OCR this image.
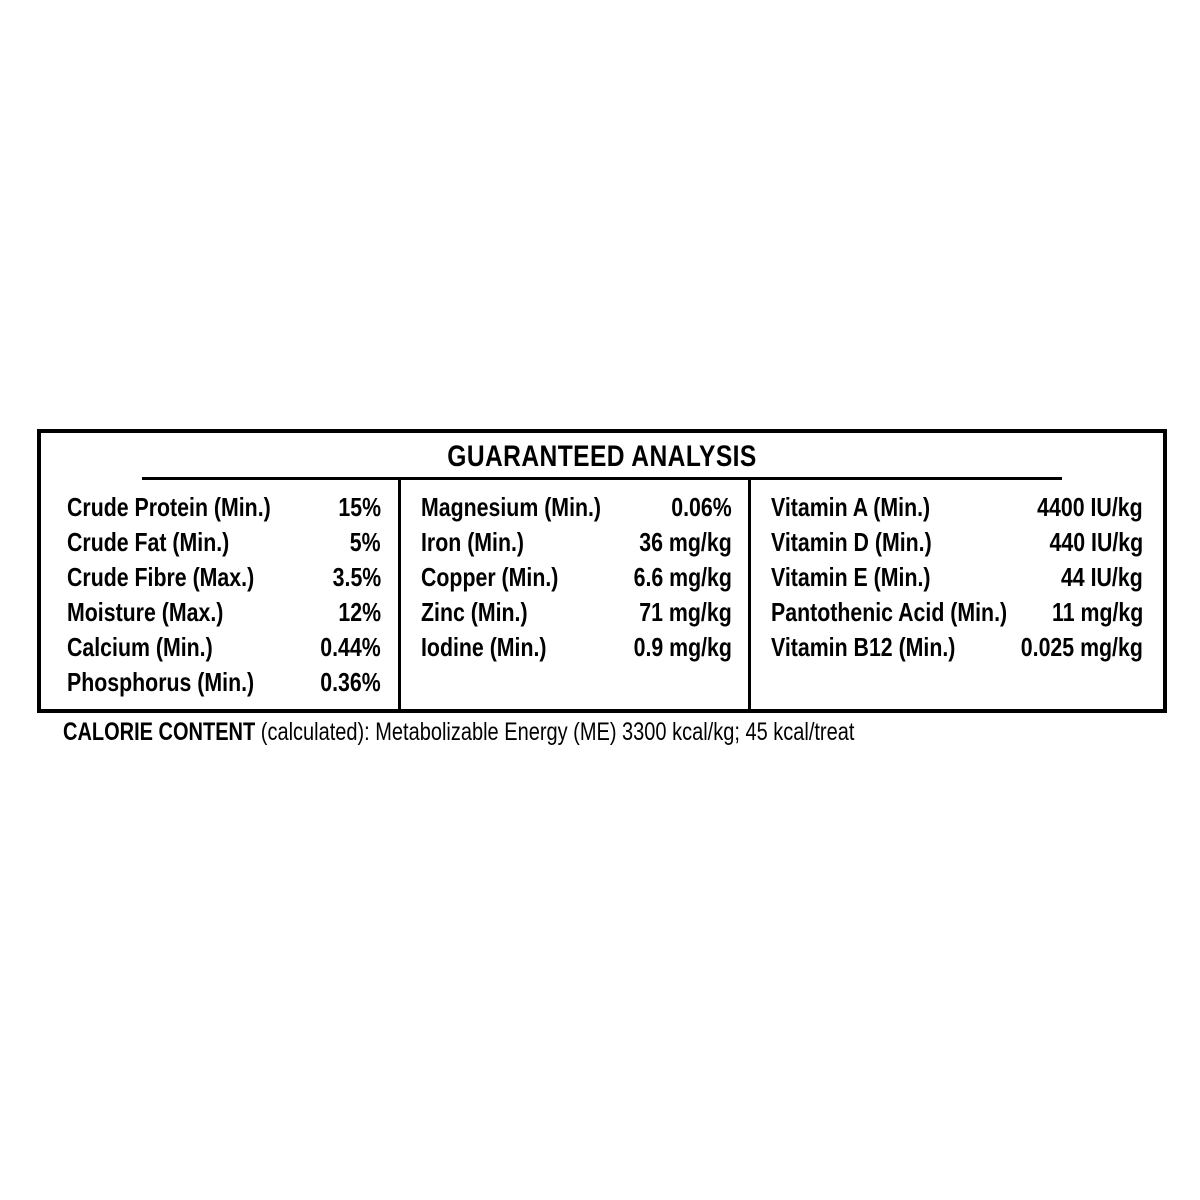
GUARANTEED ANALYSIS
Crude Protein (Min.)	15%
Crude Fat (Min.)	5%
Crude Fibre (Max.)	3.5%
Moisture (Max.)	12%
Calcium (Min.)	0.44%
Phosphorus (Min.)	0.36%
Magnesium (Min.)	0.06%
Iron (Min.)	36 mg/kg
Copper (Min.)	6.6 mg/kg
Zinc (Min.)	71 mg/kg
Iodine (Min.)	0.9 mg/kg
Vitamin A (Min.)	4400 IU/kg
Vitamin D (Min.)	440 IU/kg
Vitamin E (Min.)	44 IU/kg
Pantothenic Acid (Min.) 11 mg/kg
Vitamin B12 (Min.)	0.025 mg/kg
CALORIE CONTENT (calculated): Metabolizable Energy (ME) 3300 kcal/kg; 45 kcal/treat
